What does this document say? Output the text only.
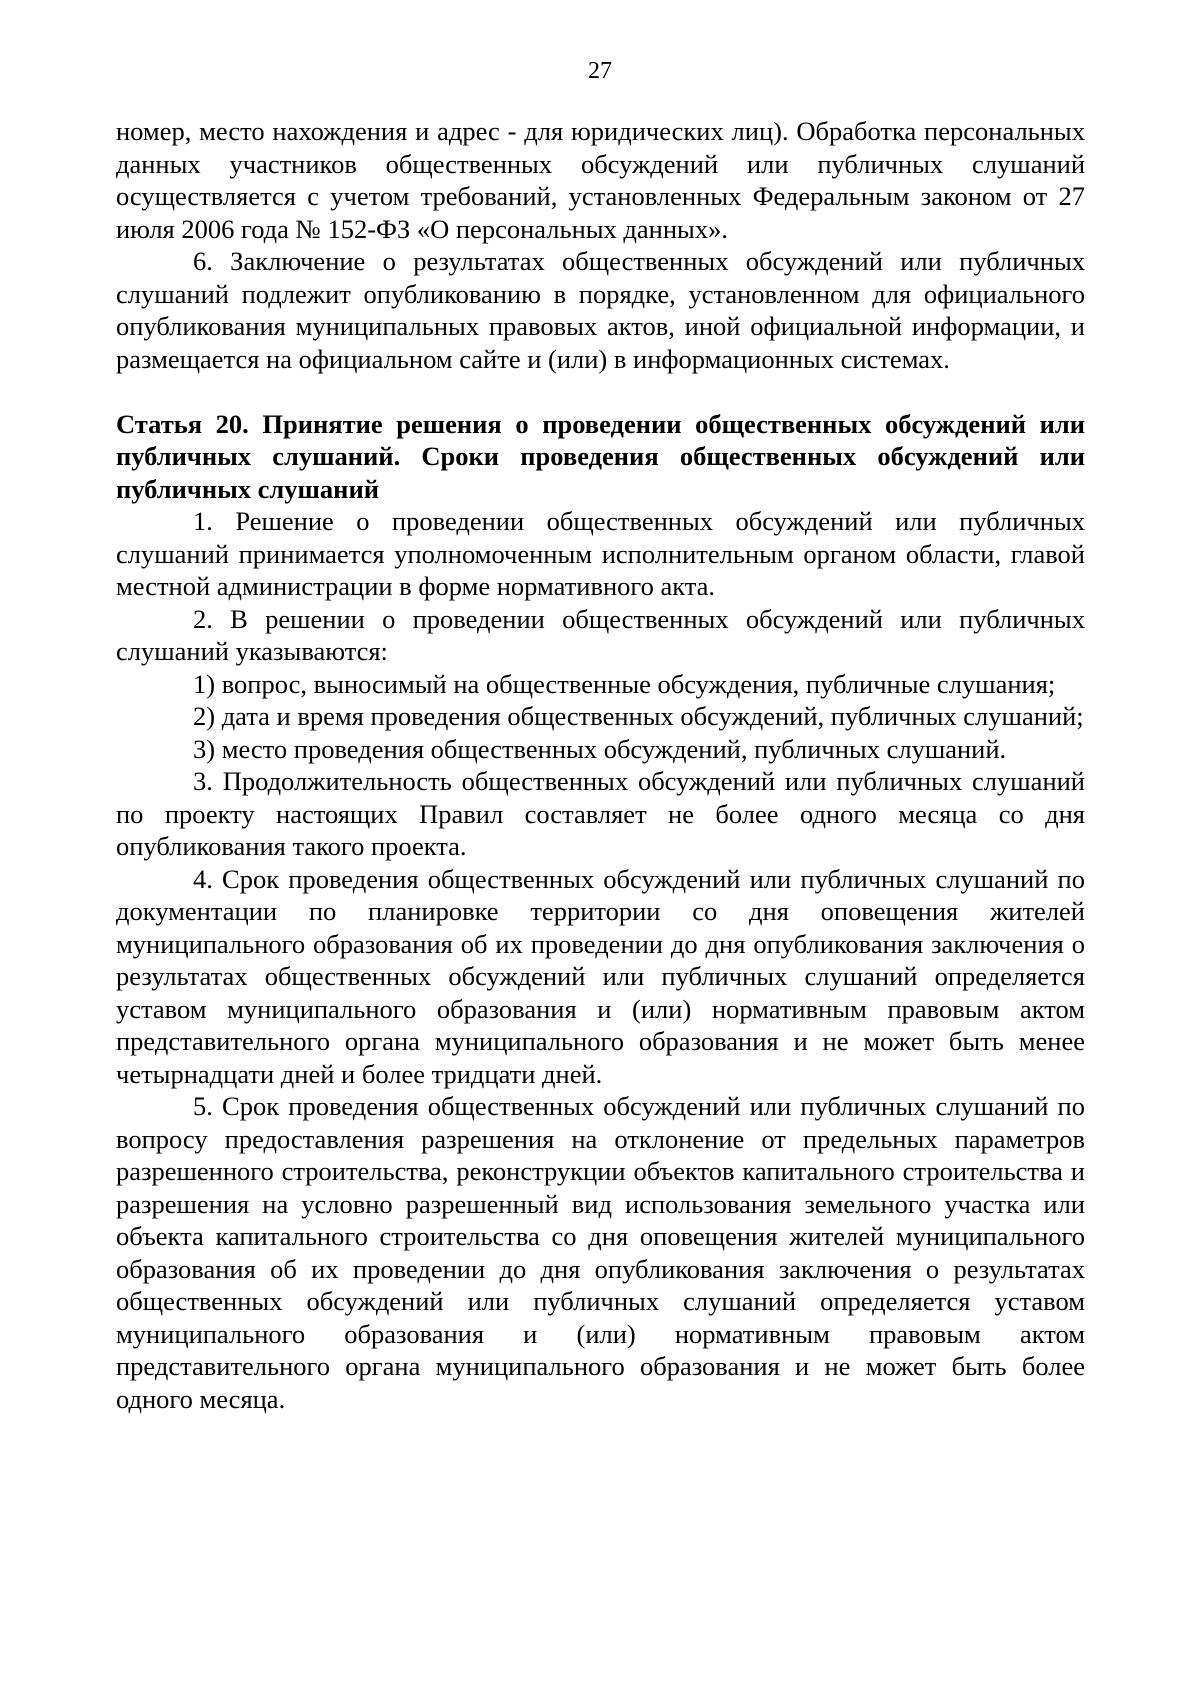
27

номер, место нахождения и адрес - для юридических лиц). Обработка персональных данных участников общественных обсуждений или публичных слушаний осуществляется с учетом требований, установленных Федеральным законом от 27 июля 2006 года № 152-ФЗ «О персональных данных».

6. Заключение о результатах общественных обсуждений или публичных слушаний подлежит опубликованию в порядке, установленном для официального опубликования муниципальных правовых актов, иной официальной информации, и размещается на официальном сайте и (или) в информационных системах.

Статья 20. Принятие решения о проведении общественных обсуждений или публичных слушаний. Сроки проведения общественных обсуждений или публичных слушаний

1. Решение о проведении общественных обсуждений или публичных слушаний принимается уполномоченным исполнительным органом области, главой местной администрации в форме нормативного акта.

2. В решении о проведении общественных обсуждений или публичных слушаний указываются:

1) вопрос, выносимый на общественные обсуждения, публичные слушания;

2) дата и время проведения общественных обсуждений, публичных слушаний;

3) место проведения общественных обсуждений, публичных слушаний.

3. Продолжительность общественных обсуждений или публичных слушаний по проекту настоящих Правил составляет не более одного месяца со дня опубликования такого проекта.

4. Срок проведения общественных обсуждений или публичных слушаний по документации по планировке территории со дня оповещения жителей муниципального образования об их проведении до дня опубликования заключения о результатах общественных обсуждений или публичных слушаний определяется уставом муниципального образования и (или) нормативным правовым актом представительного органа муниципального образования и не может быть менее четырнадцати дней и более тридцати дней.

5. Срок проведения общественных обсуждений или публичных слушаний по вопросу предоставления разрешения на отклонение от предельных параметров разрешенного строительства, реконструкции объектов капитального строительства и разрешения на условно разрешенный вид использования земельного участка или объекта капитального строительства со дня оповещения жителей муниципального образования об их проведении до дня опубликования заключения о результатах общественных обсуждений или публичных слушаний определяется уставом муниципального образования и (или) нормативным правовым актом представительного органа муниципального образования и не может быть более одного месяца.
